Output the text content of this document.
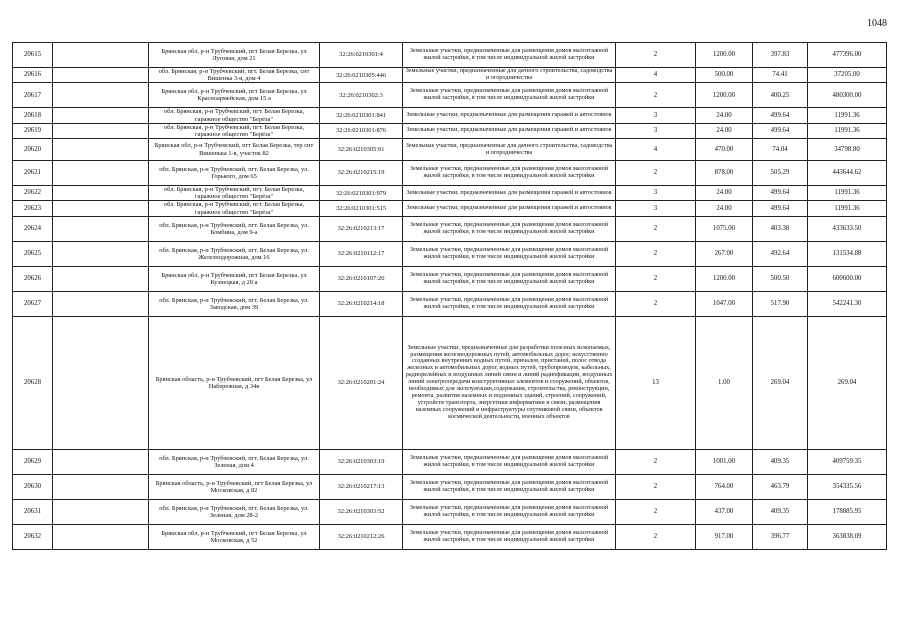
1048
20615		Брянская обл, р-н Трубчевский, пгт Белая Березка, ул Луговая, дом 21	32:26:0210301:4	Земельные участки, предназначенные для размещения домов малоэтажной жилой застройки, в том числе индивидуальной жилой застройки	2	1200.00	397.83	477396.00
20616		обл. Брянская, р-н Трубчевский, пгт. Белая Березка, снт Вишенка 3-я, дом 4	32:26:0210305:446	Земельные участки, предназначенные для дачного строительства, садоводства и огородничества	4	500.00	74.41	37205.00
20617		Брянская обл, р-н Трубчевский, пгт Белая Березка, ул Красноармейская, дом 15 а	32:26:0210302:3	Земельные участки, предназначенные для размещения домов малоэтажной жилой застройки, в том числе индивидуальной жилой застройки	2	1200.00	400.25	480300.00
20618		обл. Брянская, р-н Трубчевский, пгт. Белая Березка, гаражное общество "Берёза"	32:26:0210301:841	Земельные участки, предназначенные для размещения гаражей и автостоянок	3	24.00	499.64	11991.36
20619		обл. Брянская, р-н Трубчевский, пгт. Белая Березка, гаражное общество "Берёза"	32:26:0210301:876	Земельные участки, предназначенные для размещения гаражей и автостоянок	3	24.00	499.64	11991.36
20620		Брянская обл, р-н Трубчевский, пгт Белая Березка, тер снт Вишенька 1-я, участок 82	32:26:0210305:91	Земельные участки, предназначенные для дачного строительства, садоводства и огородничества	4	470.00	74.04	34798.80
20621		обл. Брянская, р-н Трубчевский, пгт. Белая Березка, ул. Горького, дом 65	32:26:0210215:19	Земельные участки, предназначенные для размещения домов малоэтажной жилой застройки, в том числе индивидуальной жилой застройки	2	878.00	505.29	443644.62
20622		обл. Брянская, р-н Трубчевский, пгт. Белая Березка, гаражное общество "Берёза"	32:26:0210301:979	Земельные участки, предназначенные для размещения гаражей и автостоянок	3	24.00	499.64	11991.36
20623		обл. Брянская, р-н Трубчевский, пгт. Белая Березка, гаражное общество "Берёза"	32:26:0210301:515	Земельные участки, предназначенные для размещения гаражей и автостоянок	3	24.00	499.64	11991.36
20624		обл. Брянская, р-н Трубчевский, пгт. Белая Березка, ул. Бомбина, дом 9-а	32:26:0210213:17	Земельные участки, предназначенные для размещения домов малоэтажной жилой застройки, в том числе индивидуальной жилой застройки	2	1075.00	403.38	433633.50
20625		обл. Брянская, р-н Трубчевский, пгт. Белая Березка, ул. Железнодорожная, дом 16	32:26:0210112:17	Земельные участки, предназначенные для размещения домов малоэтажной жилой застройки, в том числе индивидуальной жилой застройки	2	267.00	492.64	131534.88
20626		Брянская обл, р-н Трубчевский, пгт Белая Березка, ул Кузнецкая, д 20 а	32:26:0210107:20	Земельные участки, предназначенные для размещения домов малоэтажной жилой застройки, в том числе индивидуальной жилой застройки	2	1200.00	500.50	600600.00
20627		обл. Брянская, р-н Трубчевский, пгт. Белая Березка, ул. Заводская, дом 39	32:26:0210214:18	Земельные участки, предназначенные для размещения домов малоэтажной жилой застройки, в том числе индивидуальной жилой застройки	2	1047.00	517.90	542241.30
20628		Брянская область, р-н Трубчевский, пгт Белая Березка, ул Набережная, д 34в	32:26:0210201:24	Земельные участки, предназначенные для разработки полезных ископаемых, размещения железнодорожных путей, автомобильных дорог, искусственно созданных внутренних водных путей, причалов, пристаней, полос отвода железных и автомобильных дорог, водных путей, трубопроводов, кабельных, радиорелейных и воздушных линий связи и линий радиофикации, воздушных линий электропередачи конструктивных элементов и сооружений, объектов, необходимых для эксплуатации,содержания, строительства, реконструкции, ремонта, развития наземных и подземных зданий, строений, сооружений, устройств транспорта, энергетики информатики и связи; размещения наземных сооружений и инфраструктуры спутниковой связи, объектов космической деятельности, военных объектов	13	1.00	269.04	269.04
20629		обл. Брянская, р-н Трубчевский, пгт. Белая Березка, ул. Зеленая, дом 4	32:26:0210303:19	Земельные участки, предназначенные для размещения домов малоэтажной жилой застройки, в том числе индивидуальной жилой застройки	2	1001.00	409.35	409759.35
20630		Брянская область, р-н Трубчевский, пгт Белая Березка, ул Московская, д 82	32:26:0210217:13	Земельные участки, предназначенные для размещения домов малоэтажной жилой застройки, в том числе индивидуальной жилой застройки	2	764.00	463.79	354335.56
20631		обл. Брянская, р-н Трубчевский, пгт. Белая Березка, ул. Зеленая, дом 28-2	32:26:0210303:52	Земельные участки, предназначенные для размещения домов малоэтажной жилой застройки, в том числе индивидуальной жилой застройки	2	437.00	409.35	178885.95
20632		Брянская обл, р-н Трубчевский, пгт Белая Березка, ул Московская, д 52	32:26:0210212:26	Земельные участки, предназначенные для размещения домов малоэтажной жилой застройки, в том числе индивидуальной жилой застройки	2	917.00	396.77	363838.09
